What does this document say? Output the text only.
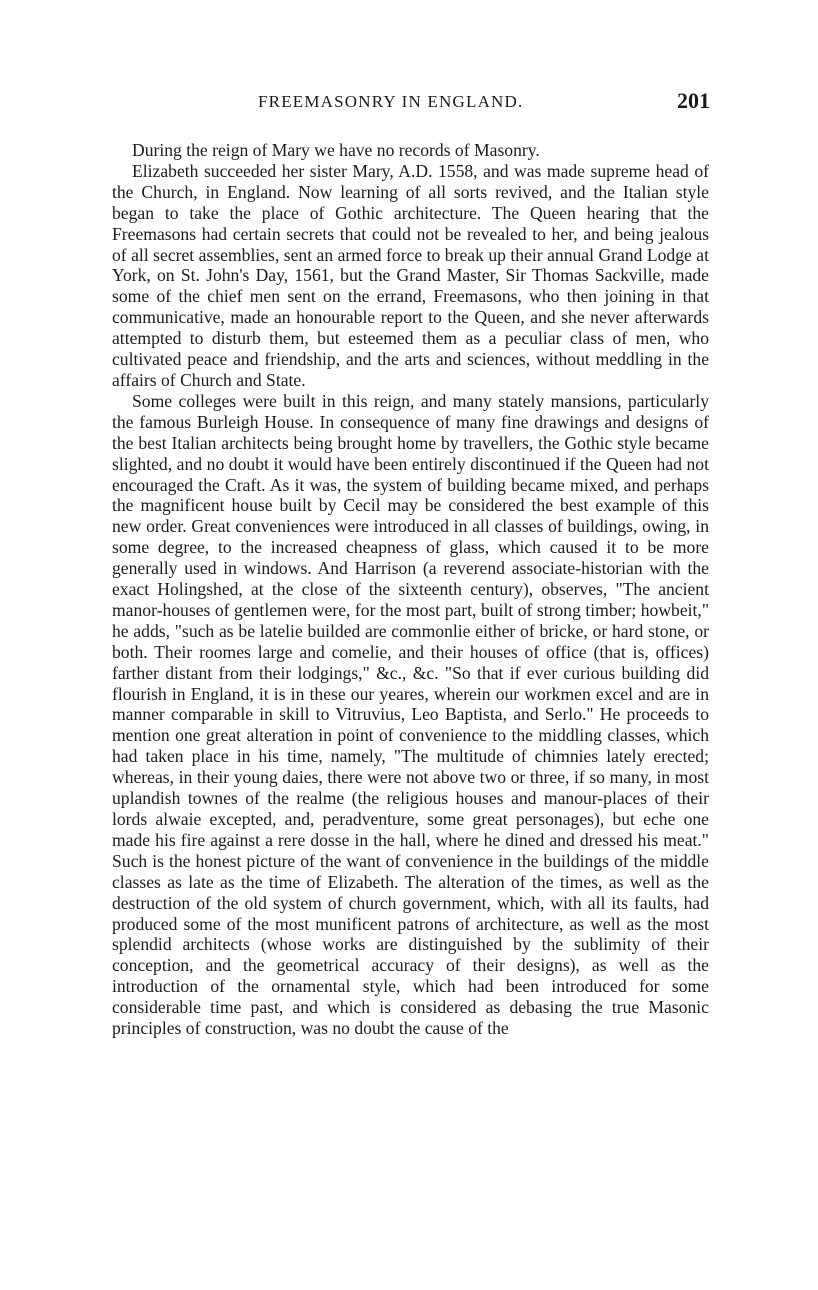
FREEMASONRY IN ENGLAND.	201

During the reign of Mary we have no records of Masonry.

Elizabeth succeeded her sister Mary, A.D. 1558, and was made supreme head of the Church, in England. Now learning of all sorts revived, and the Italian style began to take the place of Gothic architecture. The Queen hearing that the Freemasons had certain secrets that could not be revealed to her, and being jealous of all secret assemblies, sent an armed force to break up their annual Grand Lodge at York, on St. John's Day, 1561, but the Grand Master, Sir Thomas Sackville, made some of the chief men sent on the errand, Freemasons, who then joining in that communicative, made an honourable report to the Queen, and she never afterwards attempted to disturb them, but esteemed them as a peculiar class of men, who cultivated peace and friendship, and the arts and sciences, without meddling in the affairs of Church and State.

Some colleges were built in this reign, and many stately mansions, particularly the famous Burleigh House. In consequence of many fine drawings and designs of the best Italian architects being brought home by travellers, the Gothic style became slighted, and no doubt it would have been entirely discontinued if the Queen had not encouraged the Craft. As it was, the system of building became mixed, and perhaps the magnificent house built by Cecil may be considered the best example of this new order. Great conveniences were introduced in all classes of buildings, owing, in some degree, to the increased cheapness of glass, which caused it to be more generally used in windows. And Harrison (a reverend associate-historian with the exact Holingshed, at the close of the sixteenth century), observes, "The ancient manor-houses of gentlemen were, for the most part, built of strong timber; howbeit," he adds, "such as be latelie builded are commonlie either of bricke, or hard stone, or both. Their roomes large and comelie, and their houses of office (that is, offices) farther distant from their lodgings," &c., &c. "So that if ever curious building did flourish in England, it is in these our yeares, wherein our workmen excel and are in manner comparable in skill to Vitruvius, Leo Baptista, and Serlo." He proceeds to mention one great alteration in point of convenience to the middling classes, which had taken place in his time, namely, "The multitude of chimnies lately erected; whereas, in their young daies, there were not above two or three, if so many, in most uplandish townes of the realme (the religious houses and manour-places of their lords alwaie excepted, and, peradventure, some great personages), but eche one made his fire against a rere dosse in the hall, where he dined and dressed his meat." Such is the honest picture of the want of convenience in the buildings of the middle classes as late as the time of Elizabeth. The alteration of the times, as well as the destruction of the old system of church government, which, with all its faults, had produced some of the most munificent patrons of architecture, as well as the most splendid architects (whose works are distinguished by the sublimity of their conception, and the geometrical accuracy of their designs), as well as the introduction of the ornamental style, which had been introduced for some considerable time past, and which is considered as debasing the true Masonic principles of construction, was no doubt the cause of the
